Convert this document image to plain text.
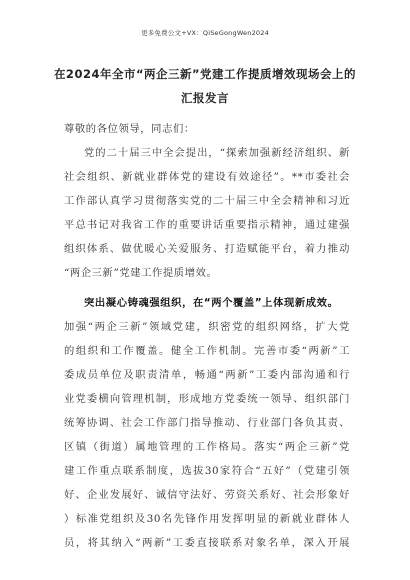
更多免费公文+VX：QiSeGongWen2024
在2024年全市“两企三新”党建工作提质增效现场会上的
汇报发言
尊敬的各位领导，同志们：
党的二十届三中全会提出，“探索加强新经济组织、新
社会组织、新就业群体党的建设有效途径”。**市委社会
工作部认真学习贯彻落实党的二十届三中全会精神和习近
平总书记对我省工作的重要讲话重要指示精神，通过建强
组织体系、做优暖心关爱服务、打造赋能平台，着力推动
“两企三新”党建工作提质增效。
突出凝心铸魂强组织，在“两个覆盖”上体现新成效。
加强“两企三新”领域党建，织密党的组织网络，扩大党
的组织和工作覆盖。健全工作机制。完善市委“两新”工
委成员单位及职责清单，畅通“两新”工委内部沟通和行
业党委横向管理机制，形成地方党委统一领导、组织部门
统筹协调、社会工作部门指导推动、行业部门各负其责、
区镇（街道）属地管理的工作格局。落实“两企三新”党
建工作重点联系制度，选拔30家符合“五好”（党建引领
好、企业发展好、诚信守法好、劳资关系好、社会形象好
）标准党组织及30名先锋作用发挥明显的新就业群体人
员，将其纳入“两新”工委直接联系对象名单，深入开展
